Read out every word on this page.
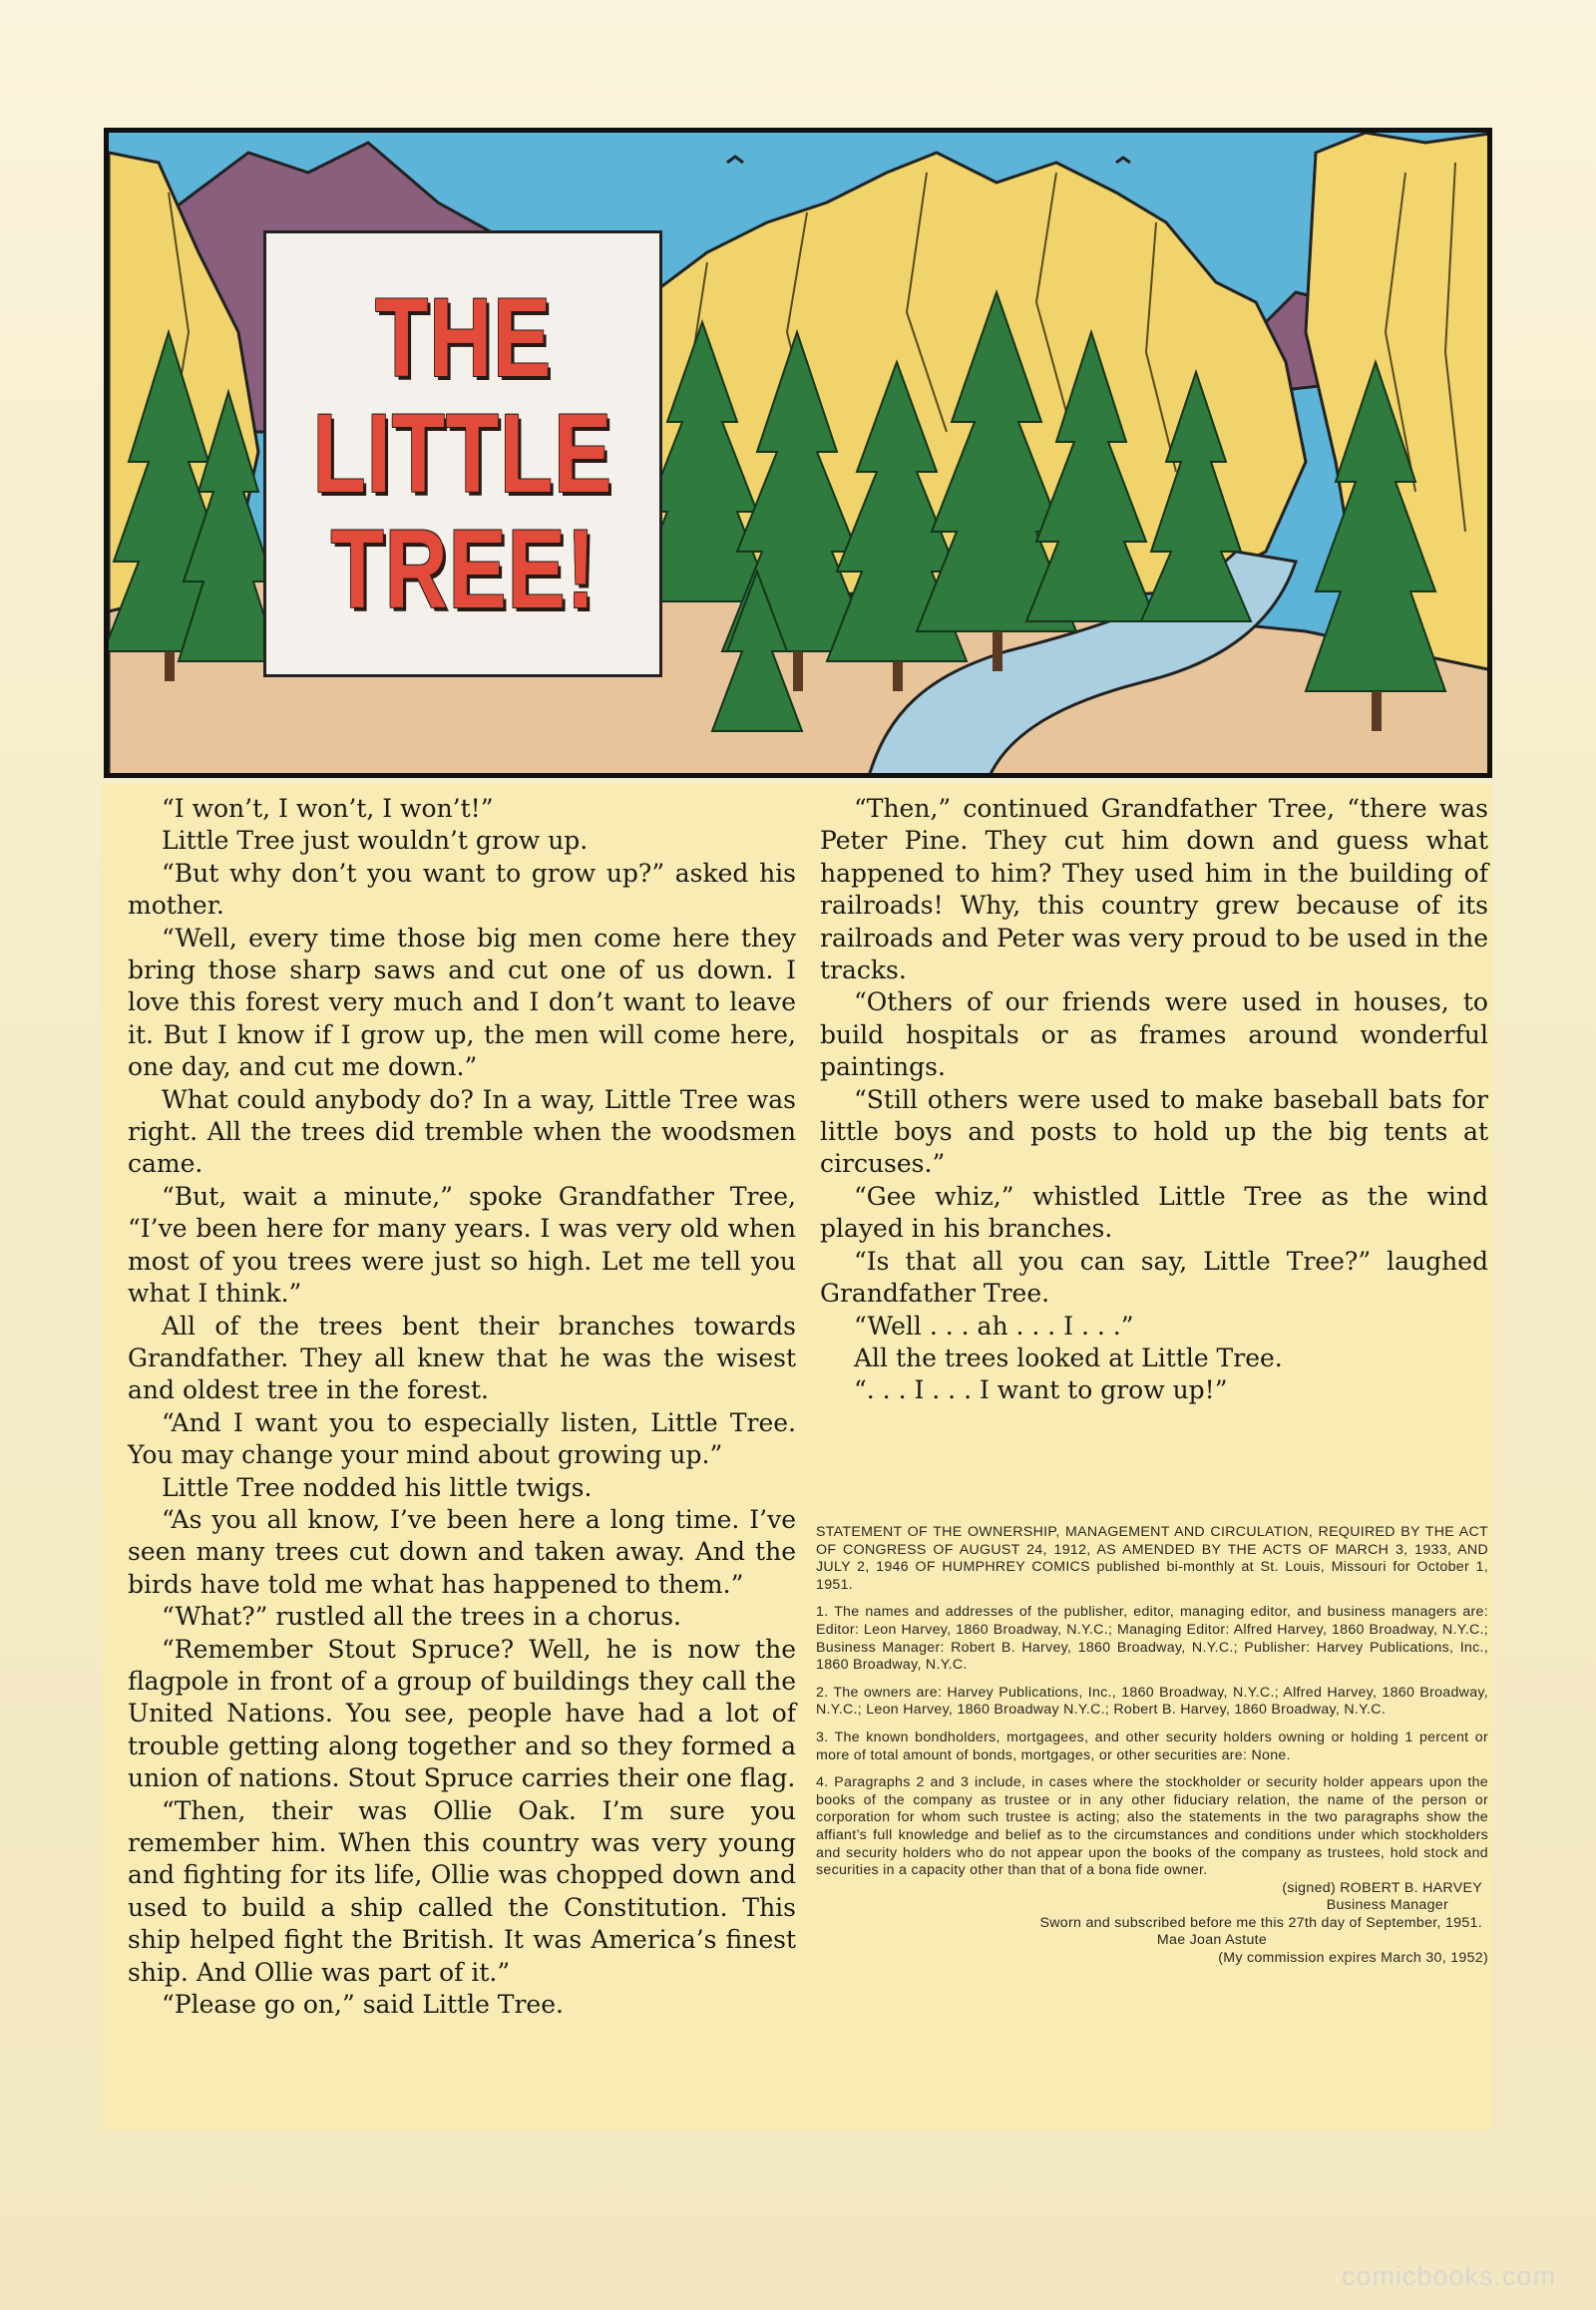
THE
LITTLE
TREE!

“I won’t, I won’t, I won’t!”

Little Tree just wouldn’t grow up.

“But why don’t you want to grow up?” asked his mother.

“Well, every time those big men come here they bring those sharp saws and cut one of us down. I love this forest very much and I don’t want to leave it. But I know if I grow up, the men will come here, one day, and cut me down.”

What could anybody do? In a way, Little Tree was right. All the trees did tremble when the woodsmen came.

“But, wait a minute,” spoke Grandfather Tree, “I’ve been here for many years. I was very old when most of you trees were just so high. Let me tell you what I think.”

All of the trees bent their branches towards Grandfather. They all knew that he was the wisest and oldest tree in the forest.

“And I want you to especially listen, Little Tree. You may change your mind about growing up.”

Little Tree nodded his little twigs.

“As you all know, I’ve been here a long time. I’ve seen many trees cut down and taken away. And the birds have told me what has happened to them.”

“What?” rustled all the trees in a chorus.

“Remember Stout Spruce? Well, he is now the flagpole in front of a group of buildings they call the United Nations. You see, people have had a lot of trouble getting along together and so they formed a union of nations. Stout Spruce carries their one flag.

“Then, their was Ollie Oak. I’m sure you remember him. When this country was very young and fighting for its life, Ollie was chopped down and used to build a ship called the Constitution. This ship helped fight the British. It was America’s finest ship. And Ollie was part of it.”

“Please go on,” said Little Tree.

“Then,” continued Grandfather Tree, “there was Peter Pine. They cut him down and guess what happened to him? They used him in the building of railroads! Why, this country grew because of its railroads and Peter was very proud to be used in the tracks.

“Others of our friends were used in houses, to build hospitals or as frames around wonderful paintings.

“Still others were used to make baseball bats for little boys and posts to hold up the big tents at circuses.”

“Gee whiz,” whistled Little Tree as the wind played in his branches.

“Is that all you can say, Little Tree?” laughed Grandfather Tree.

“Well . . . ah . . . I . . .”

All the trees looked at Little Tree.

“. . . I . . . I want to grow up!”

STATEMENT OF THE OWNERSHIP, MANAGEMENT AND CIRCULATION, REQUIRED BY THE ACT OF CONGRESS OF AUGUST 24, 1912, AS AMENDED BY THE ACTS OF MARCH 3, 1933, AND JULY 2, 1946 OF HUMPHREY COMICS published bi-monthly at St. Louis, Missouri for October 1, 1951.

1. The names and addresses of the publisher, editor, managing editor, and business managers are: Editor: Leon Harvey, 1860 Broadway, N.Y.C.; Managing Editor: Alfred Harvey, 1860 Broadway, N.Y.C.; Business Manager: Robert B. Harvey, 1860 Broadway, N.Y.C.; Publisher: Harvey Publications, Inc., 1860 Broadway, N.Y.C.

2. The owners are: Harvey Publications, Inc., 1860 Broadway, N.Y.C.; Alfred Harvey, 1860 Broadway, N.Y.C.; Leon Harvey, 1860 Broadway N.Y.C.; Robert B. Harvey, 1860 Broadway, N.Y.C.

3. The known bondholders, mortgagees, and other security holders owning or holding 1 percent or more of total amount of bonds, mortgages, or other securities are: None.

4. Paragraphs 2 and 3 include, in cases where the stockholder or security holder appears upon the books of the company as trustee or in any other fiduciary relation, the name of the person or corporation for whom such trustee is acting; also the statements in the two paragraphs show the affiant’s full knowledge and belief as to the circumstances and conditions under which stockholders and security holders who do not appear upon the books of the company as trustees, hold stock and securities in a capacity other than that of a bona fide owner.

(signed) ROBERT B. HARVEY
Business Manager
Sworn and subscribed before me this 27th day of September, 1951.
Mae Joan Astute
(My commission expires March 30, 1952)
comicbooks.com
